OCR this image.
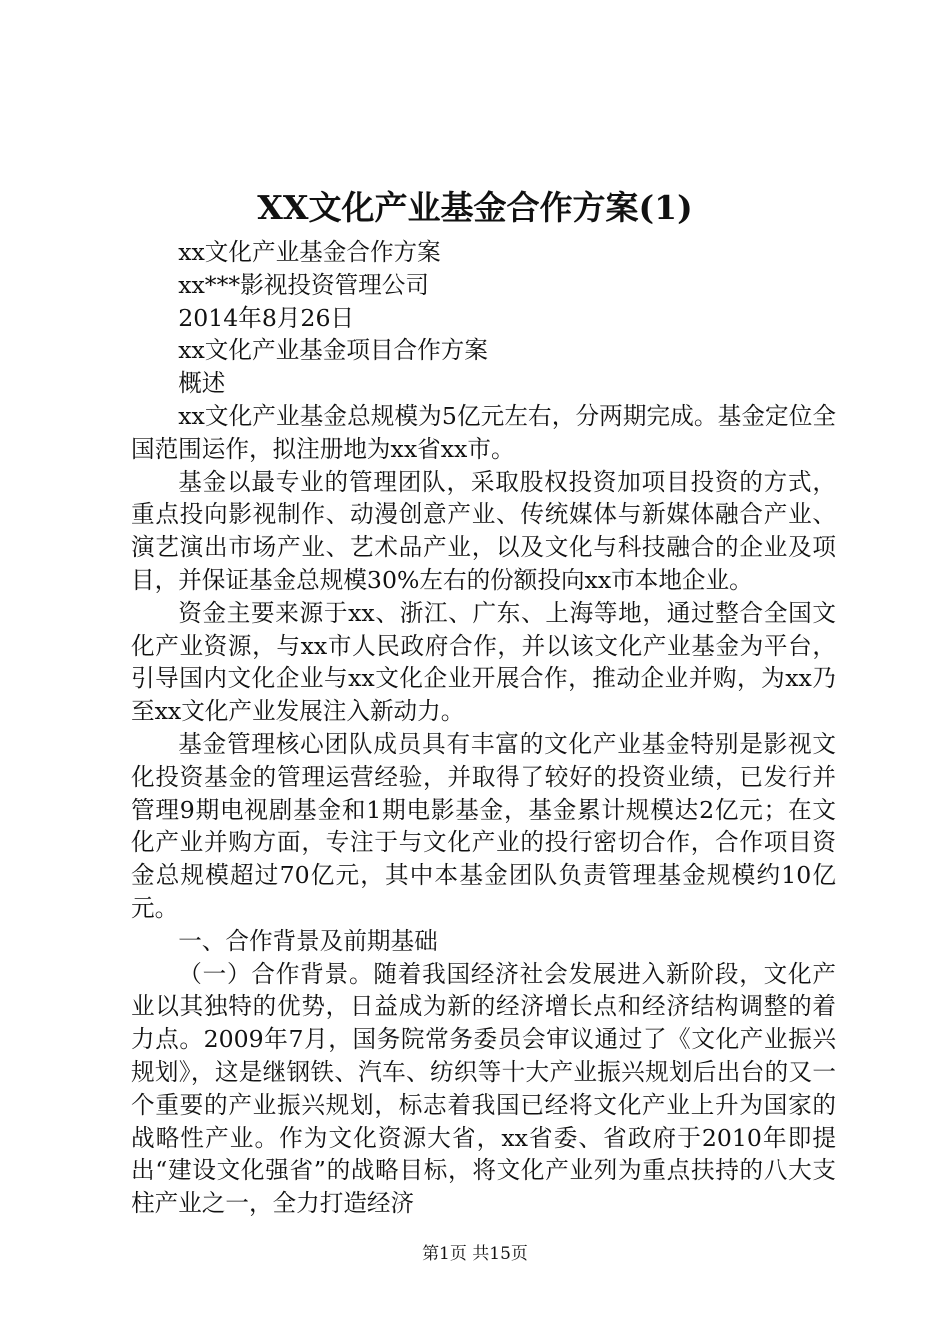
XX文化产业基金合作方案(1)

xx文化产业基金合作方案

xx***影视投资管理公司

2014年8月26日

xx文化产业基金项目合作方案

概述

xx文化产业基金总规模为5亿元左右，分两期完成。基金定位全国范围运作，拟注册地为xx省xx市。

基金以最专业的管理团队，采取股权投资加项目投资的方式，重点投向影视制作、动漫创意产业、传统媒体与新媒体融合产业、演艺演出市场产业、艺术品产业，以及文化与科技融合的企业及项目，并保证基金总规模30%左右的份额投向xx市本地企业。

资金主要来源于xx、浙江、广东、上海等地，通过整合全国文化产业资源，与xx市人民政府合作，并以该文化产业基金为平台，引导国内文化企业与xx文化企业开展合作，推动企业并购，为xx乃至xx文化产业发展注入新动力。

基金管理核心团队成员具有丰富的文化产业基金特别是影视文化投资基金的管理运营经验，并取得了较好的投资业绩，已发行并管理9期电视剧基金和1期电影基金，基金累计规模达2亿元；在文化产业并购方面，专注于与文化产业的投行密切合作，合作项目资金总规模超过70亿元，其中本基金团队负责管理基金规模约10亿元。

一、合作背景及前期基础

（一）合作背景。随着我国经济社会发展进入新阶段，文化产业以其独特的优势，日益成为新的经济增长点和经济结构调整的着力点。2009年7月，国务院常务委员会审议通过了《文化产业振兴规划》，这是继钢铁、汽车、纺织等十大产业振兴规划后出台的又一个重要的产业振兴规划，标志着我国已经将文化产业上升为国家的战略性产业。作为文化资源大省，xx省委、省政府于2010年即提出“建设文化强省”的战略目标，将文化产业列为重点扶持的八大支柱产业之一，全力打造经济

第1页 共15页
